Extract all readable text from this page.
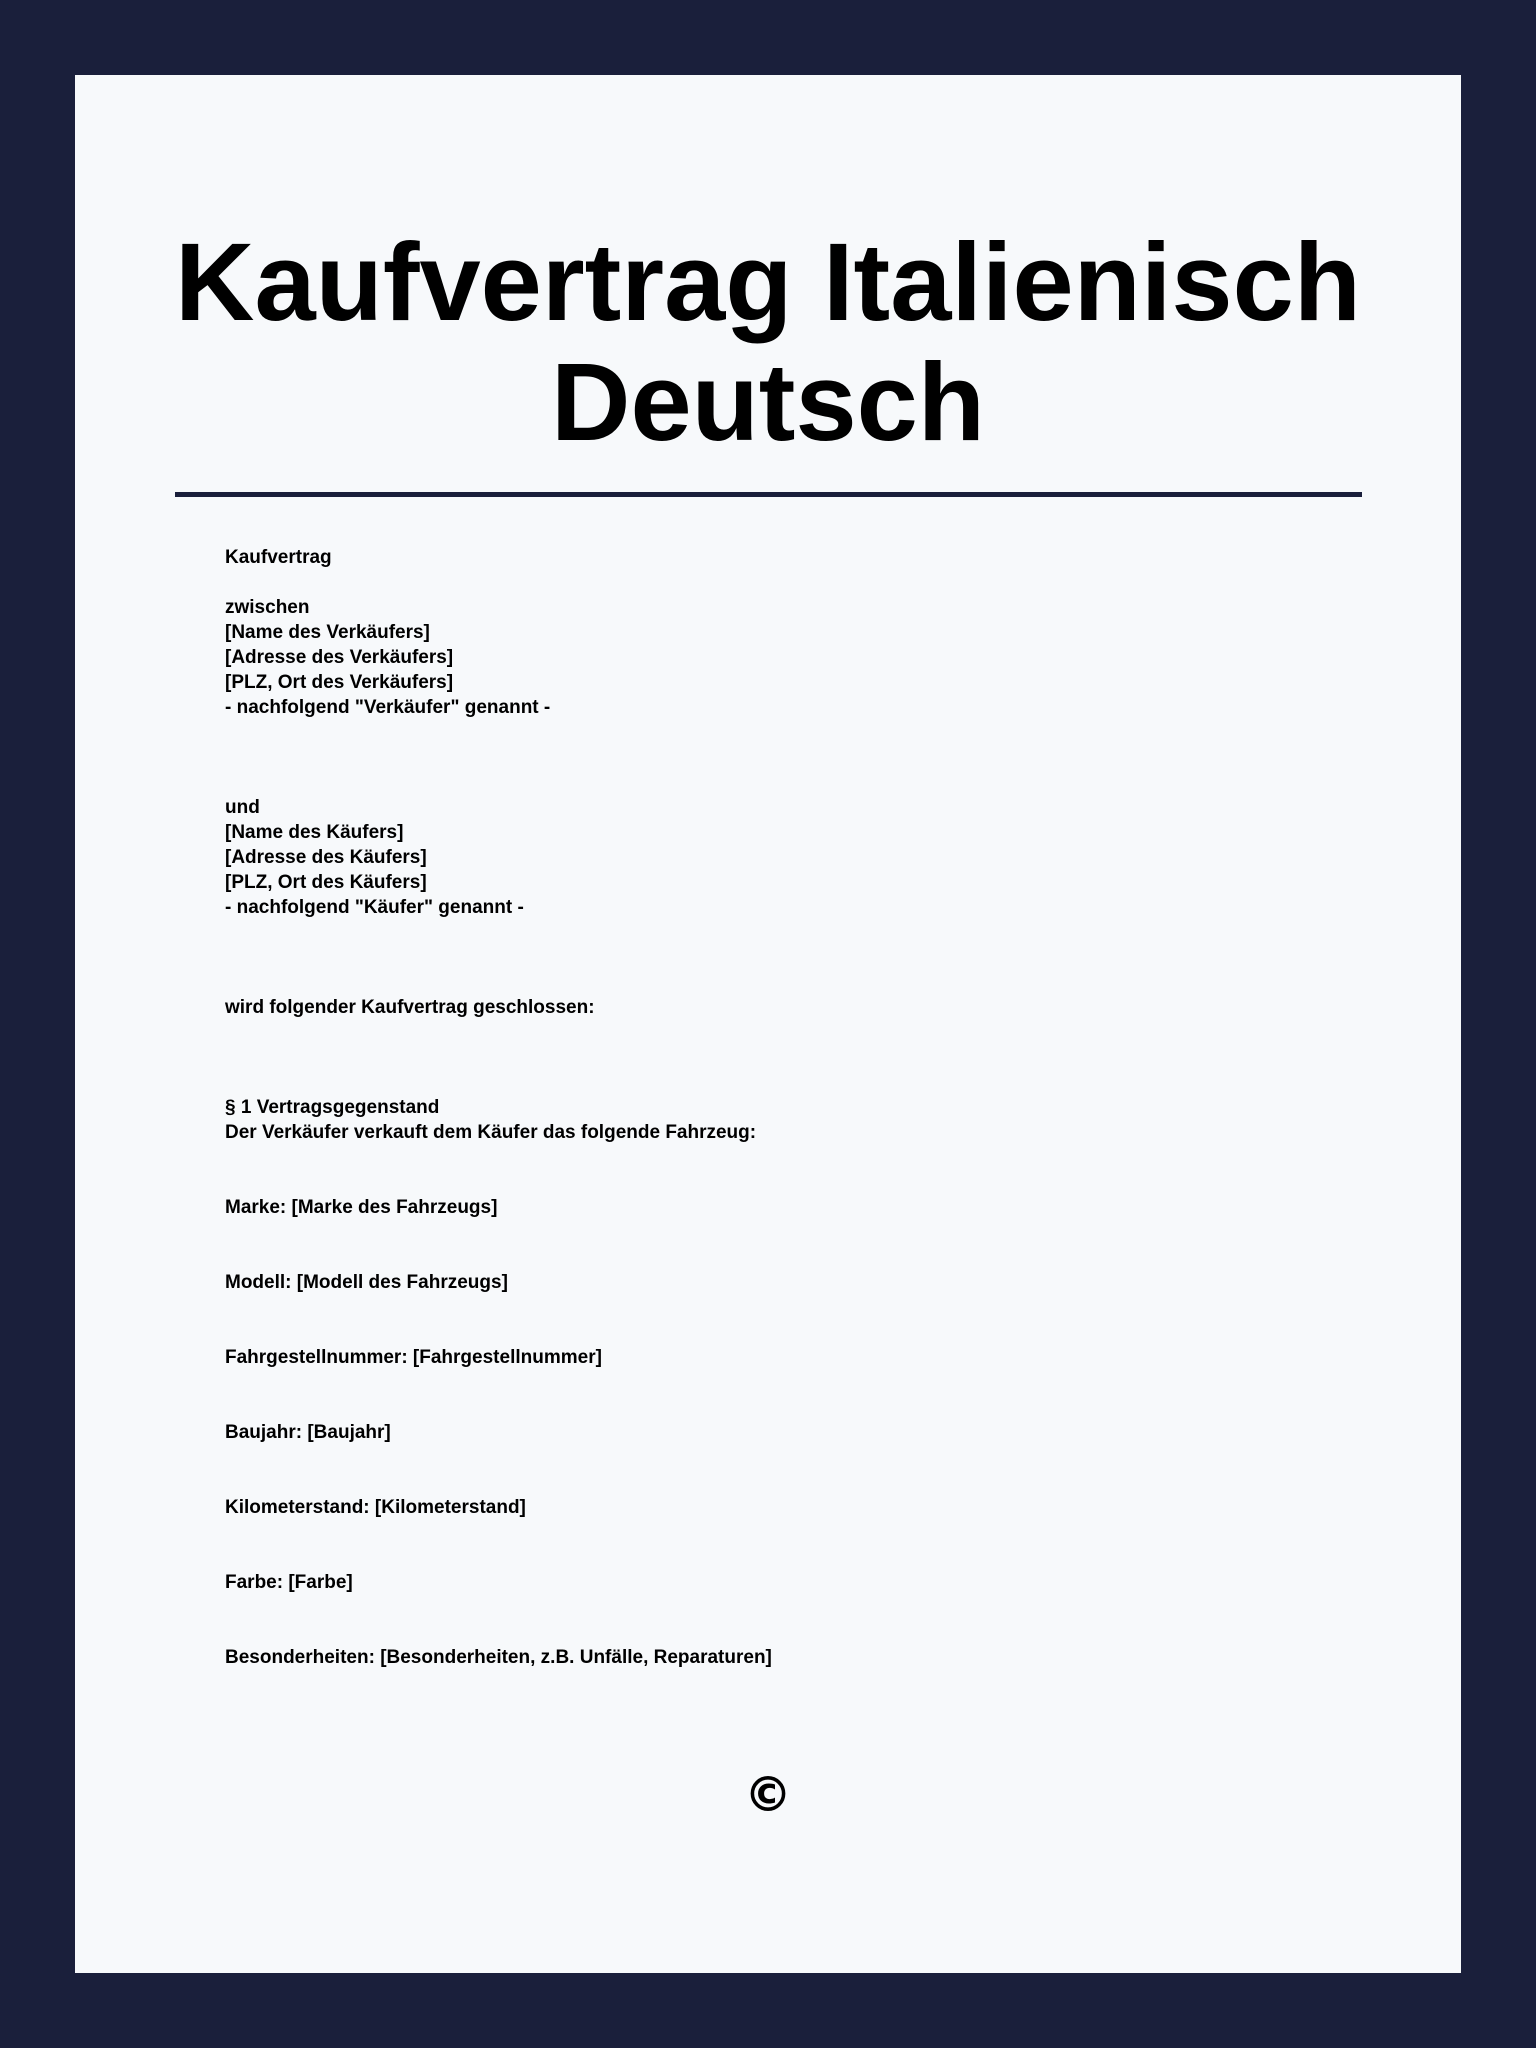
Kaufvertrag Italienisch
Deutsch
Kaufvertrag
zwischen
[Name des Verkäufers]
[Adresse des Verkäufers]
[PLZ, Ort des Verkäufers]
- nachfolgend "Verkäufer" genannt -
und
[Name des Käufers]
[Adresse des Käufers]
[PLZ, Ort des Käufers]
- nachfolgend "Käufer" genannt -
wird folgender Kaufvertrag geschlossen:
§ 1 Vertragsgegenstand
Der Verkäufer verkauft dem Käufer das folgende Fahrzeug:
Marke: [Marke des Fahrzeugs]
Modell: [Modell des Fahrzeugs]
Fahrgestellnummer: [Fahrgestellnummer]
Baujahr: [Baujahr]
Kilometerstand: [Kilometerstand]
Farbe: [Farbe]
Besonderheiten: [Besonderheiten, z.B. Unfälle, Reparaturen]
©
